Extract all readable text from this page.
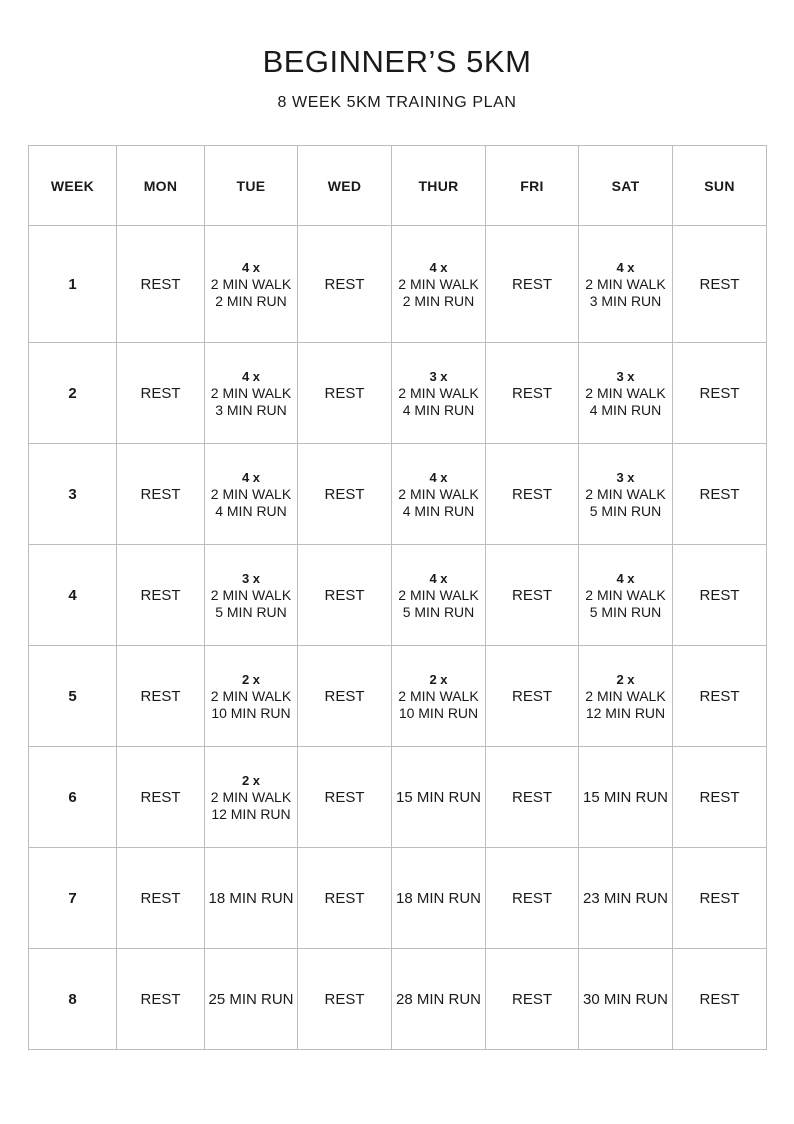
BEGINNER’S 5KM

8 WEEK 5KM TRAINING PLAN

WEEK	MON	TUE	WED	THUR	FRI	SAT	SUN
1	REST	4 x
2 MIN WALK
2 MIN RUN	REST	4 x
2 MIN WALK
2 MIN RUN	REST	4 x
2 MIN WALK
3 MIN RUN	REST

2	REST	4 x
2 MIN WALK
3 MIN RUN	REST	3 x
2 MIN WALK
4 MIN RUN	REST	3 x
2 MIN WALK
4 MIN RUN	REST

3	REST	4 x
2 MIN WALK
4 MIN RUN	REST	4 x
2 MIN WALK
4 MIN RUN	REST	3 x
2 MIN WALK
5 MIN RUN	REST

4	REST	3 x
2 MIN WALK
5 MIN RUN	REST	4 x
2 MIN WALK
5 MIN RUN	REST	4 x
2 MIN WALK
5 MIN RUN	REST

5	REST	2 x
2 MIN WALK
10 MIN RUN	REST	2 x
2 MIN WALK
10 MIN RUN	REST	2 x
2 MIN WALK
12 MIN RUN	REST

6	REST	2 x
2 MIN WALK
12 MIN RUN	REST	15 MIN RUN	REST	15 MIN RUN	REST

7	REST	18 MIN RUN	REST	18 MIN RUN	REST	23 MIN RUN	REST

8	REST	25 MIN RUN	REST	28 MIN RUN	REST	30 MIN RUN	REST
